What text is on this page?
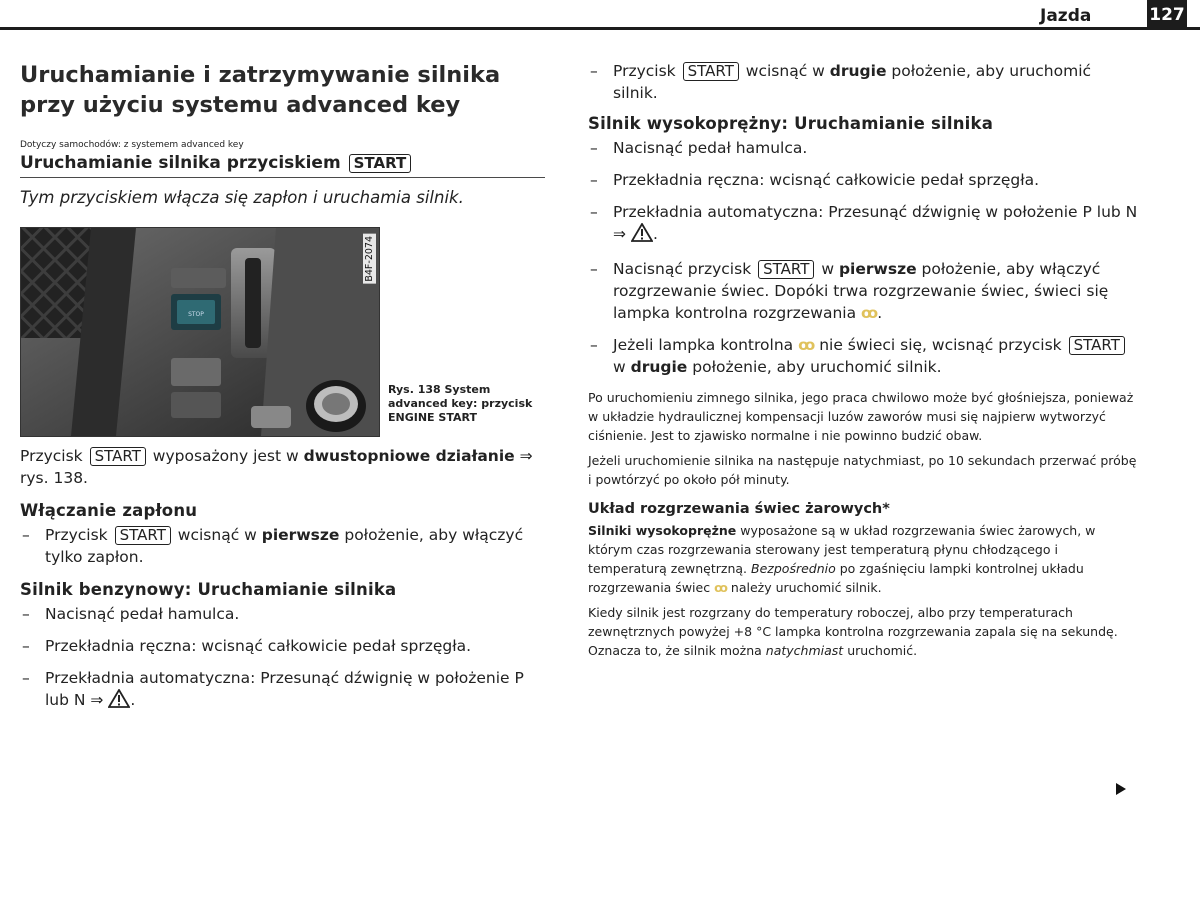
Jazda	127
Uruchamianie i zatrzymywanie silnika przy użyciu systemu advanced key
Dotyczy samochodów: z systemem advanced key
Uruchamianie silnika przyciskiem START
Tym przyciskiem włącza się zapłon i uruchamia silnik.
STOP
B4F-2074
Rys. 138 System
advanced key: przycisk
ENGINE START
Przycisk START wyposażony jest w dwustopniowe działanie ⇒ rys. 138.
Włączanie zapłonu
– Przycisk START wcisnąć w pierwsze położenie, aby włączyć tylko zapłon.
Silnik benzynowy: Uruchamianie silnika
– Nacisnąć pedał hamulca.
– Przekładnia ręczna: wcisnąć całkowicie pedał sprzęgła.
– Przekładnia automatyczna: Przesunąć dźwignię w położenie P lub N ⇒ .
– Przycisk START wcisnąć w drugie położenie, aby uruchomić silnik.
Silnik wysokoprężny: Uruchamianie silnika
– Nacisnąć pedał hamulca.
– Przekładnia ręczna: wcisnąć całkowicie pedał sprzęgła.
– Przekładnia automatyczna: Przesunąć dźwignię w położenie P lub N ⇒ .
– Nacisnąć przycisk START w pierwsze położenie, aby włączyć rozgrzewanie świec. Dopóki trwa rozgrzewanie świec, świeci się lampka kontrolna rozgrzewania ꝏ.
– Jeżeli lampka kontrolna ꝏ nie świeci się, wcisnąć przycisk START w drugie położenie, aby uruchomić silnik.
Po uruchomieniu zimnego silnika, jego praca chwilowo może być głośniejsza, ponieważ w układzie hydraulicznej kompensacji luzów zaworów musi się najpierw wytworzyć ciśnienie. Jest to zjawisko normalne i nie powinno budzić obaw.
Jeżeli uruchomienie silnika na następuje natychmiast, po 10 sekundach przerwać próbę i powtórzyć po około pół minuty.
Układ rozgrzewania świec żarowych*
Silniki wysokoprężne wyposażone są w układ rozgrzewania świec żarowych, w którym czas rozgrzewania sterowany jest temperaturą płynu chłodzącego i temperaturą zewnętrzną. Bezpośrednio po zgaśnięciu lampki kontrolnej układu rozgrzewania świec ꝏ należy uruchomić silnik.
Kiedy silnik jest rozgrzany do temperatury roboczej, albo przy temperaturach zewnętrznych powyżej +8 °C lampka kontrolna rozgrzewania zapala się na sekundę. Oznacza to, że silnik można natychmiast uruchomić.
